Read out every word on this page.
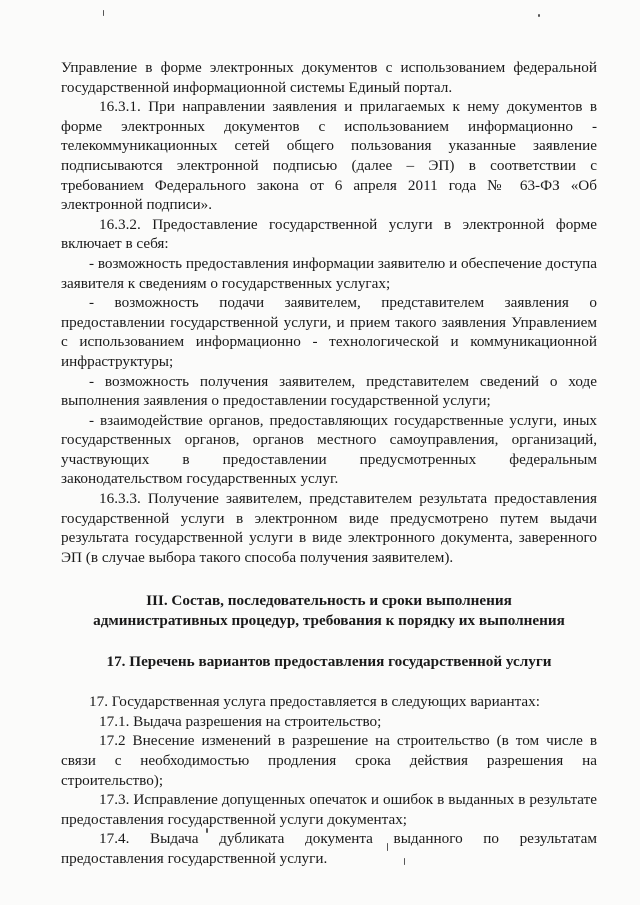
Управление в форме электронных документов с использованием федеральной государственной информационной системы Единый портал.

16.3.1. При направлении заявления и прилагаемых к нему документов в форме электронных документов с использованием информационно - телекоммуникационных сетей общего пользования указанные заявление подписываются электронной подписью (далее – ЭП) в соответствии с требованием Федерального закона от 6 апреля 2011 года № 63-ФЗ «Об электронной подписи».

16.3.2. Предоставление государственной услуги в электронной форме включает в себя:

- возможность предоставления информации заявителю и обеспечение доступа заявителя к сведениям о государственных услугах;

- возможность подачи заявителем, представителем заявления о предоставлении государственной услуги, и прием такого заявления Управлением с использованием информационно - технологической и коммуникационной инфраструктуры;

- возможность получения заявителем, представителем сведений о ходе выполнения заявления о предоставлении государственной услуги;

- взаимодействие органов, предоставляющих государственные услуги, иных государственных органов, органов местного самоуправления, организаций, участвующих в предоставлении предусмотренных федеральным законодательством государственных услуг.

16.3.3. Получение заявителем, представителем результата предоставления государственной услуги в электронном виде предусмотрено путем выдачи результата государственной услуги в виде электронного документа, заверенного ЭП (в случае выбора такого способа получения заявителем).

III. Состав, последовательность и сроки выполнения
административных процедур, требования к порядку их выполнения
17. Перечень вариантов предоставления государственной услуги

17. Государственная услуга предоставляется в следующих вариантах:

17.1. Выдача разрешения на строительство;

17.2 Внесение изменений в разрешение на строительство (в том числе в связи с необходимостью продления срока действия разрешения на строительство);

17.3. Исправление допущенных опечаток и ошибок в выданных в результате предоставления государственной услуги документах;

17.4. Выдача дубликата документа выданного по результатам предоставления государственной услуги.
